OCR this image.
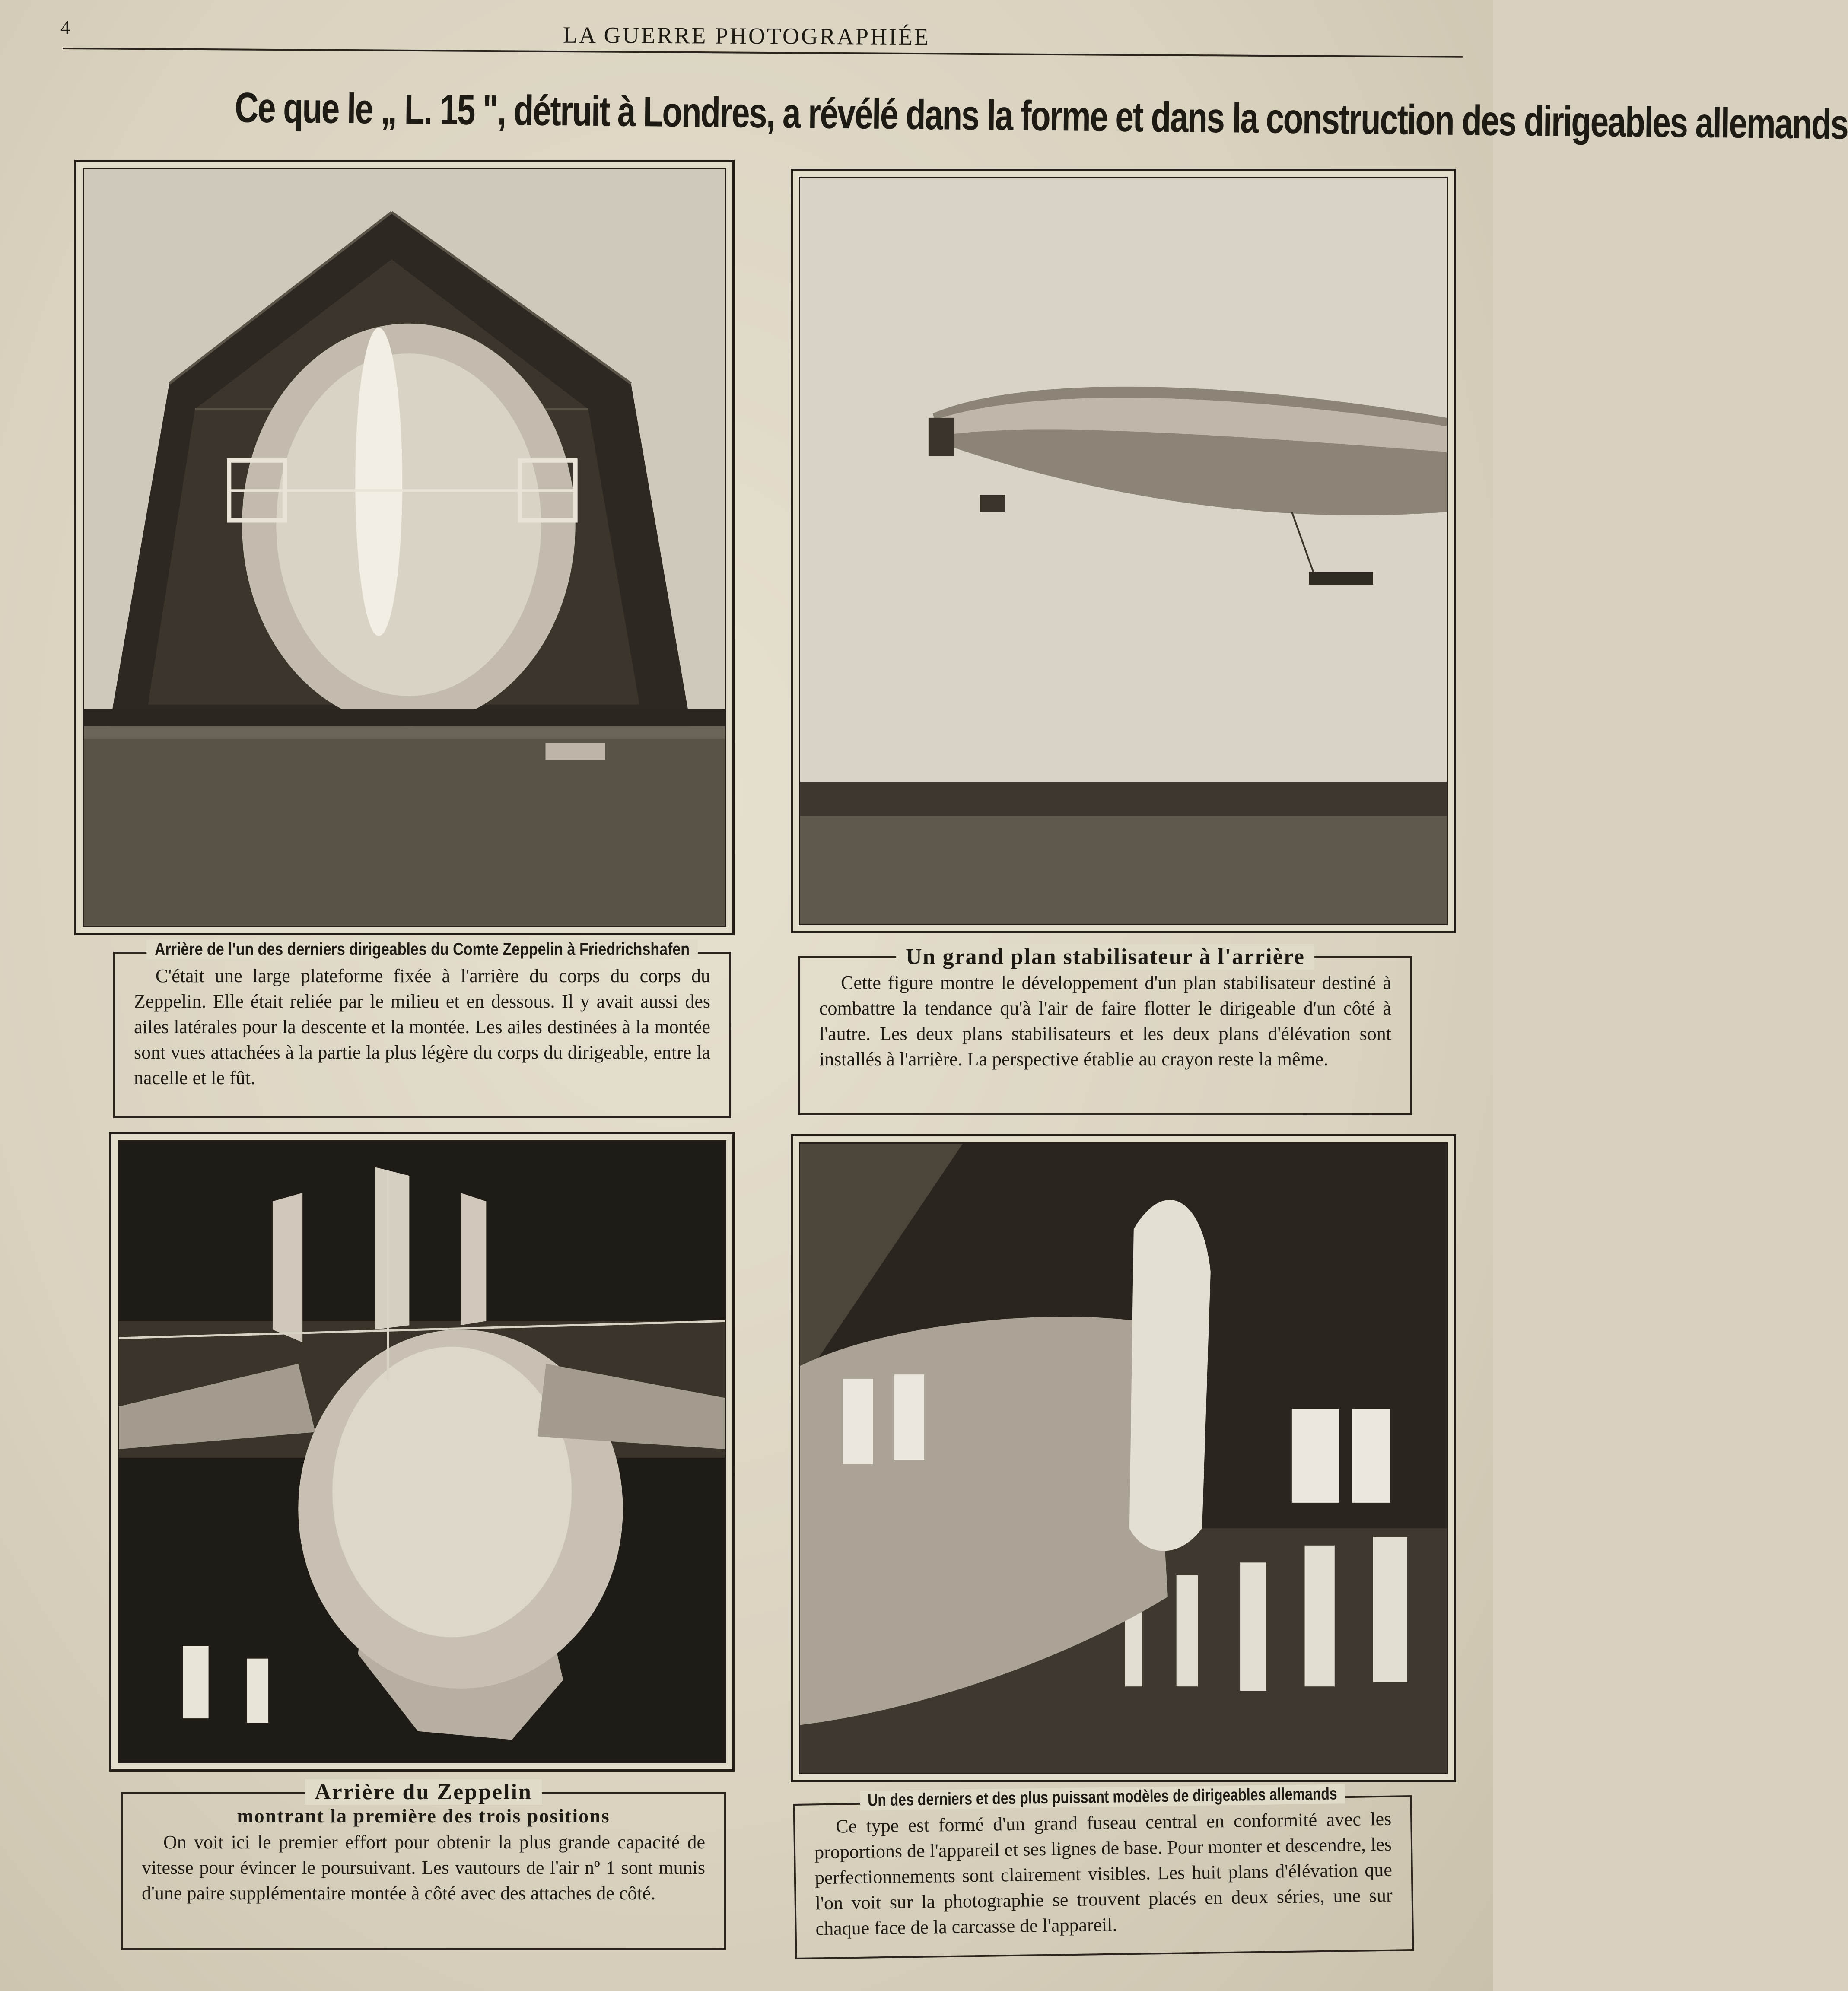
4	LA GUERRE PHOTOGRAPHIÉE
Ce que le „ L. 15 ", détruit à Londres, a révélé dans la forme et dans la construction des dirigeables allemands
Arrière de l'un des derniers dirigeables du Comte Zeppelin à Friedrichshafen
C'était une large plateforme fixée à l'arrière du corps du corps du Zeppelin. Elle était reliée par le milieu et en dessous. Il y avait aussi des ailes latérales pour la descente et la montée. Les ailes destinées à la montée sont vues attachées à la partie la plus légère du corps du dirigeable, entre la nacelle et le fût.
Un grand plan stabilisateur à l'arrière
Cette figure montre le développement d'un plan stabilisateur destiné à combattre la tendance qu'à l'air de faire flotter le dirigeable d'un côté à l'autre. Les deux plans stabilisateurs et les deux plans d'élévation sont installés à l'arrière. La perspective établie au crayon reste la même.
Arrière du Zeppelin
montrant la première des trois positions
On voit ici le premier effort pour obtenir la plus grande capacité de vitesse pour évincer le poursuivant. Les vautours de l'air nº 1 sont munis d'une paire supplémentaire montée à côté avec des attaches de côté.
Un des derniers et des plus puissant modèles de dirigeables allemands
Ce type est formé d'un grand fuseau central en conformité avec les proportions de l'appareil et ses lignes de base. Pour monter et descendre, les perfectionnements sont clairement visibles. Les huit plans d'élévation que l'on voit sur la photographie se trouvent placés en deux séries, une sur chaque face de la carcasse de l'appareil.
